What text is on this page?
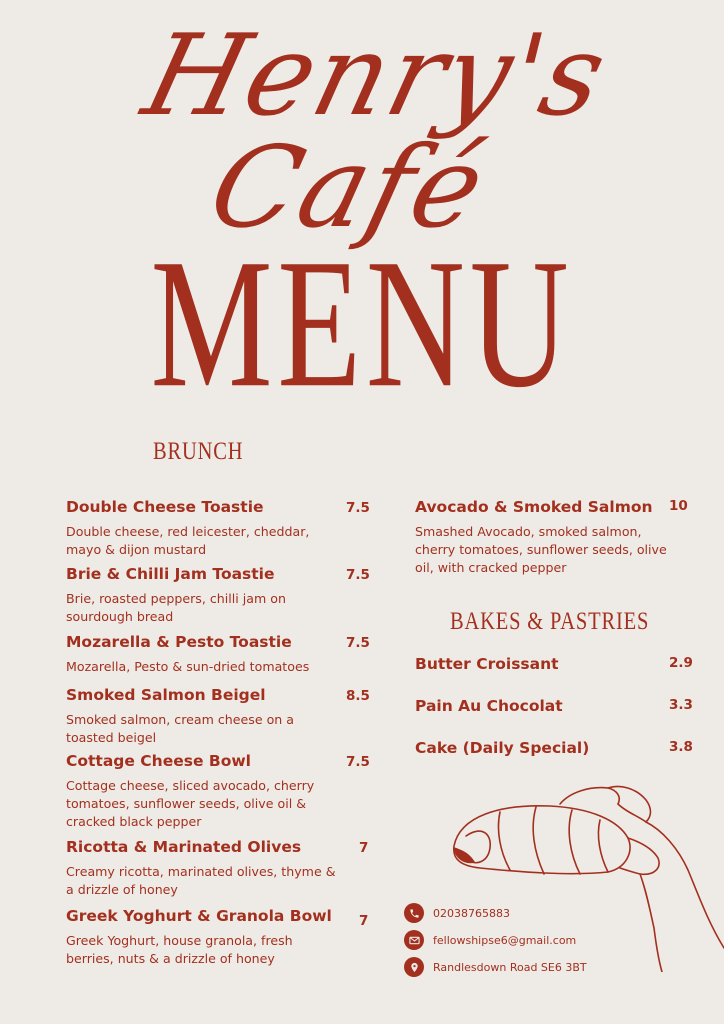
Henry's Café
MENU
BRUNCH
Double Cheese Toastie	7.5
Double cheese, red leicester, cheddar, mayo & dijon mustard
Brie & Chilli Jam Toastie	7.5
Brie, roasted peppers, chilli jam on sourdough bread
Mozarella & Pesto Toastie	7.5
Mozarella, Pesto & sun-dried tomatoes
Smoked Salmon Beigel	8.5
Smoked salmon, cream cheese on a toasted beigel
Cottage Cheese Bowl	7.5
Cottage cheese, sliced avocado, cherry tomatoes, sunflower seeds, olive oil & cracked black pepper
Ricotta & Marinated Olives	7
Creamy ricotta, marinated olives, thyme & a drizzle of honey
Greek Yoghurt & Granola Bowl	7
Greek Yoghurt, house granola, fresh berries, nuts & a drizzle of honey
Avocado & Smoked Salmon	10
Smashed Avocado, smoked salmon, cherry tomatoes, sunflower seeds, olive oil, with cracked pepper
BAKES & PASTRIES
Butter Croissant	2.9
Pain Au Chocolat	3.3
Cake (Daily Special)	3.8
02038765883
fellowshipse6@gmail.com
Randlesdown Road SE6 3BT
